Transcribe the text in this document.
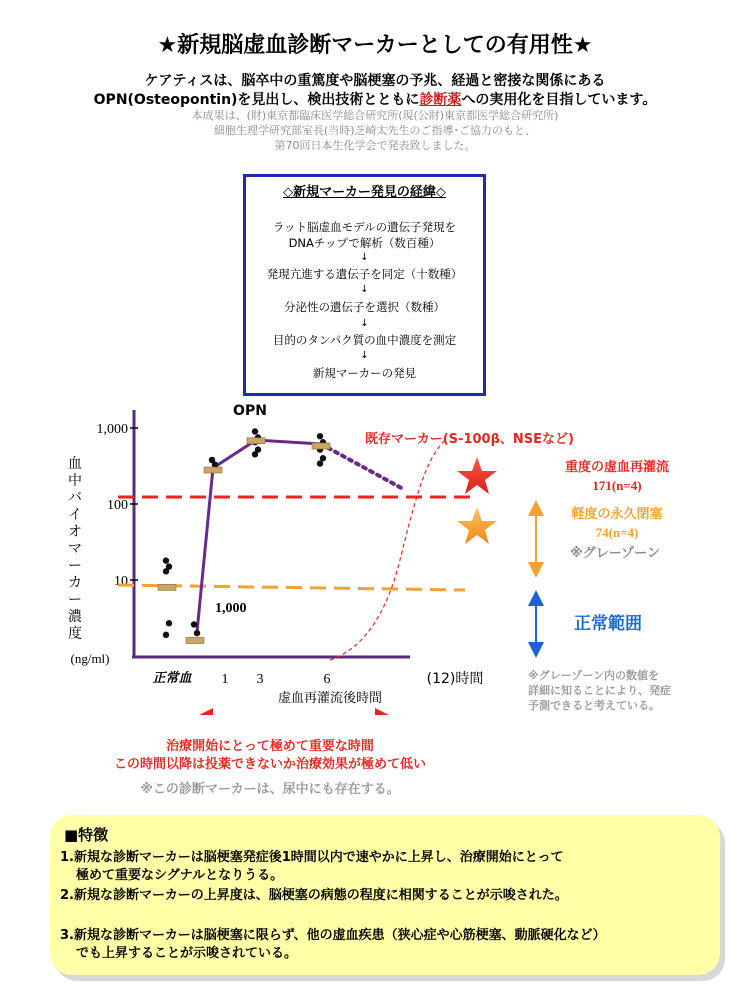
★新規脳虚血診断マーカーとしての有用性★
ケアティスは、脳卒中の重篤度や脳梗塞の予兆、経過と密接な関係にある
OPN(Osteopontin)を見出し、検出技術とともに診断薬への実用化を目指しています。
本成果は、(財)東京都臨床医学総合研究所(現(公財)東京都医学総合研究所)
細胞生理学研究部室長(当時)芝崎太先生のご指導･ご協力のもと、
第70回日本生化学会で発表致しました。
◇新規マーカー発見の経緯◇
ラット脳虚血モデルの遺伝子発現を
DNAチップで解析（数百種）
↓
発現亢進する遺伝子を同定（十数種）
↓
分泌性の遺伝子を選択（数種）
↓
目的のタンパク質の血中濃度を測定
↓
新規マーカーの発見
1,000
100
10
(ng/ml)
1 3	6	(12)時間
1,000
正常血
虚血再灌流後時間
血
中
バ
イ
オ
マ
ー
カ
ー
濃
度
OPN
既存マーカー(S-100β、NSEなど)
重度の虚血再灌流
171(n=4)
軽度の永久閉塞
74(n=4)
※グレーゾーン
正常範囲
※グレーゾーン内の数値を
詳細に知ることにより、発症
予測できると考えている。
治療開始にとって極めて重要な時間
この時間以降は投薬できないか治療効果が極めて低い
※この診断マーカーは、尿中にも存在する。
■特徴
1.新規な診断マーカーは脳梗塞発症後1時間以内で速やかに上昇し、治療開始にとって
極めて重要なシグナルとなりうる。
2.新規な診断マーカーの上昇度は、脳梗塞の病態の程度に相関することが示唆された。
3.新規な診断マーカーは脳梗塞に限らず、他の虚血疾患（狭心症や心筋梗塞、動脈硬化など）
でも上昇することが示唆されている。
